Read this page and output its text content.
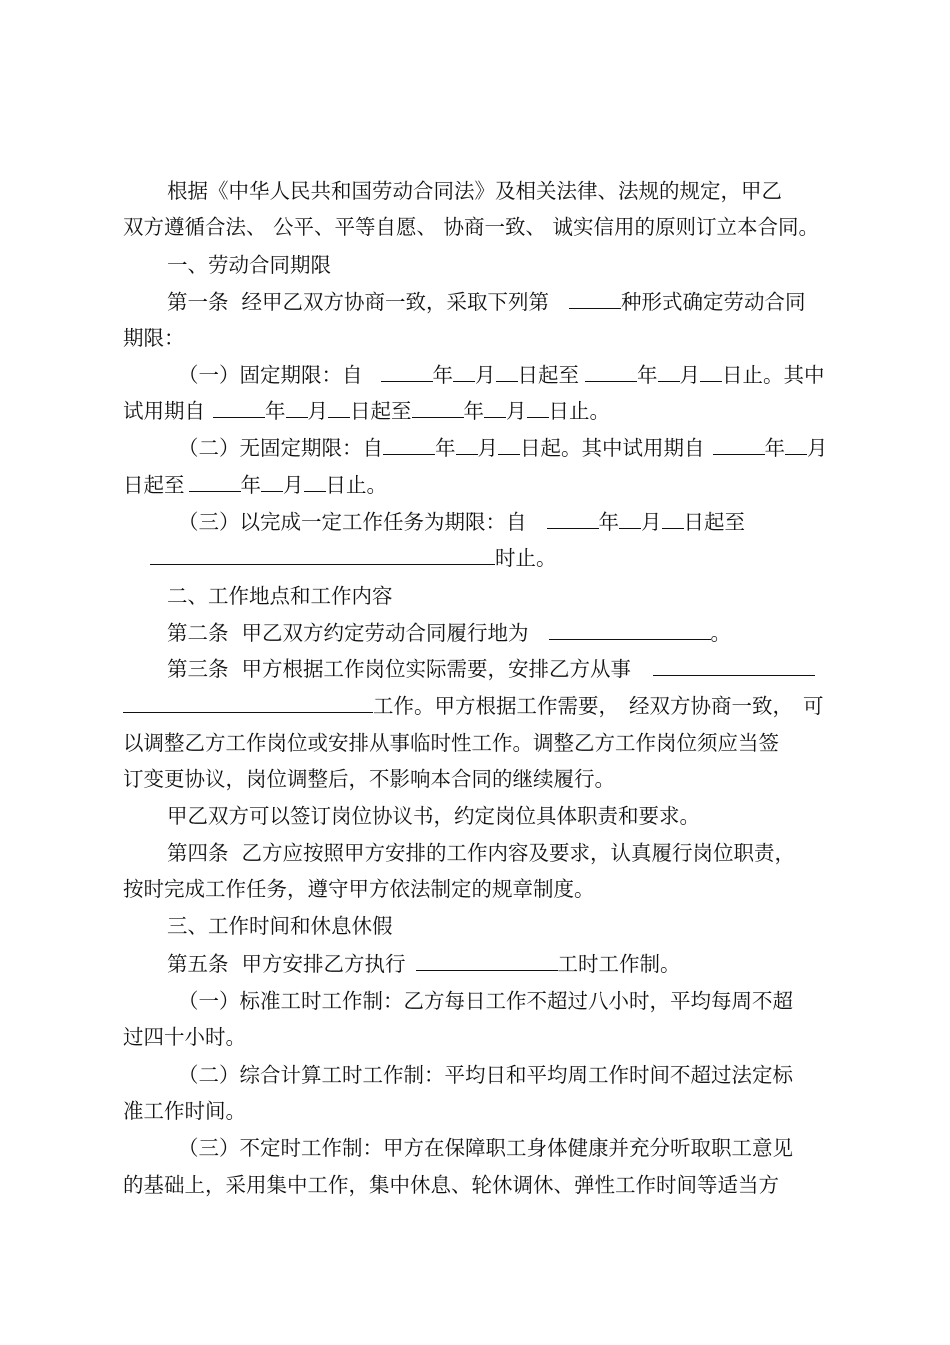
根据《中华人民共和国劳动合同法》及相关法律、法规的规定，甲乙
双方遵循合法、 公平、平等自愿、 协商一致、 诚实信用的原则订立本合同。
一、劳动合同期限
第一条  经甲乙双方协商一致，采取下列第	种形式确定劳动合同
期限：
（一）固定期限：自	年 月 日起至	年 月 日止。其中
试用期自	年 月 日起至	年 月 日止。
（二）无固定期限：自	年 月 日起。其中试用期自	年 月
日起至	年 月 日止。
（三）以完成一定工作任务为期限：自	年 月 日起至
时止。
二、工作地点和工作内容
第二条  甲乙双方约定劳动合同履行地为	。
第三条  甲方根据工作岗位实际需要，安排乙方从事
工作。甲方根据工作需要， 经双方协商一致， 可
以调整乙方工作岗位或安排从事临时性工作。调整乙方工作岗位须应当签
订变更协议，岗位调整后，不影响本合同的继续履行。
甲乙双方可以签订岗位协议书，约定岗位具体职责和要求。
第四条  乙方应按照甲方安排的工作内容及要求，认真履行岗位职责，
按时完成工作任务，遵守甲方依法制定的规章制度。
三、工作时间和休息休假
第五条  甲方安排乙方执行	工时工作制。
（一）标准工时工作制：乙方每日工作不超过八小时，平均每周不超
过四十小时。
（二）综合计算工时工作制：平均日和平均周工作时间不超过法定标
准工作时间。
（三）不定时工作制：甲方在保障职工身体健康并充分听取职工意见
的基础上，采用集中工作，集中休息、轮休调休、弹性工作时间等适当方
